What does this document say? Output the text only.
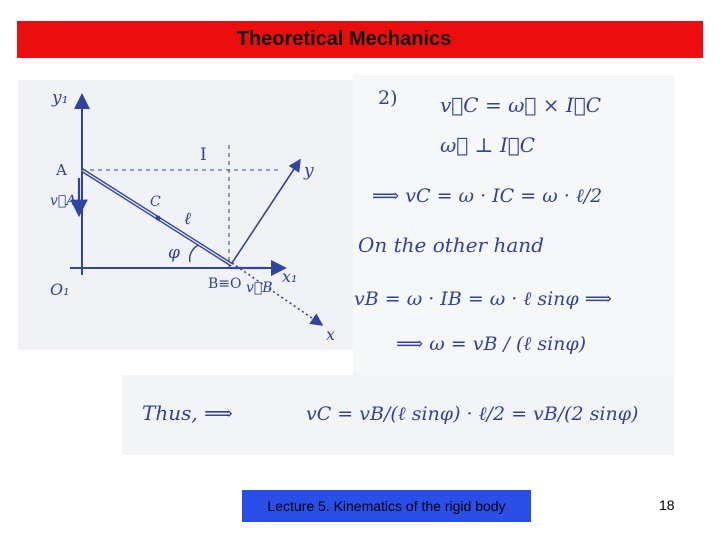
Theoretical Mechanics
y₁
A
v⃗A
O₁
I
C
ℓ
φ
B≡O v⃗B
x₁
y
x
2) v⃗C = ω⃗ × I⃗C
ω⃗ ⊥ I⃗C
⟹ vC = ω · IC = ω · ℓ/2
On the other hand
vB = ω · IB = ω · ℓ sinφ ⟹
⟹ ω = vB / (ℓ sinφ)
Thus, ⟹	vC = vB/(ℓ sinφ) · ℓ/2 = vB/(2 sinφ)
Lecture 5. Kinematics of the rigid body	18
